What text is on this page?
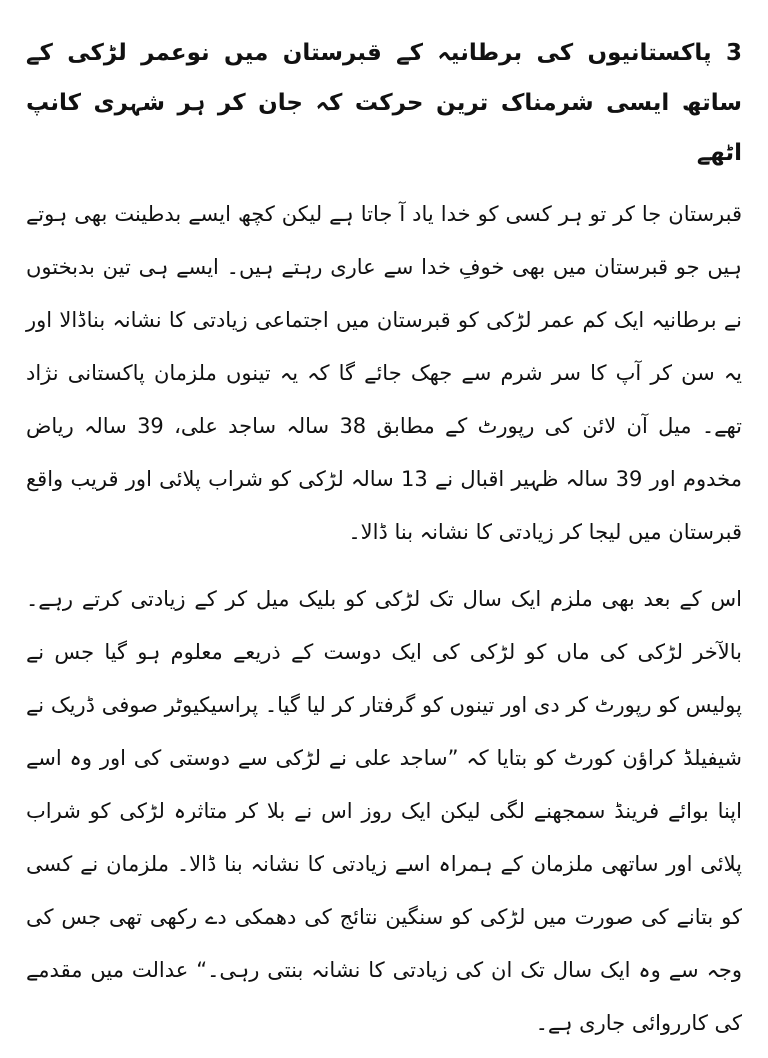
3 پاکستانیوں کی برطانیہ کے قبرستان میں نوعمر لڑکی کے ساتھ ایسی شرمناک ترین حرکت کہ جان کر ہر شہری کانپ اٹھے

قبرستان جا کر تو ہر کسی کو خدا یاد آ جاتا ہے لیکن کچھ ایسے بدطینت بھی ہوتے ہیں جو قبرستان میں بھی خوفِ خدا سے عاری رہتے ہیں۔ ایسے ہی تین بدبختوں نے برطانیہ ایک کم عمر لڑکی کو قبرستان میں اجتماعی زیادتی کا نشانہ بناڈالا اور یہ سن کر آپ کا سر شرم سے جھک جائے گا کہ یہ تینوں ملزمان پاکستانی نژاد تھے۔ میل آن لائن کی رپورٹ کے مطابق 38 سالہ ساجد علی، 39 سالہ ریاض مخدوم اور 39 سالہ ظہیر اقبال نے 13 سالہ لڑکی کو شراب پلائی اور قریب واقع قبرستان میں لیجا کر زیادتی کا نشانہ بنا ڈالا۔

اس کے بعد بھی ملزم ایک سال تک لڑکی کو بلیک میل کر کے زیادتی کرتے رہے۔ بالآخر لڑکی کی ماں کو لڑکی کی ایک دوست کے ذریعے معلوم ہو گیا جس نے پولیس کو رپورٹ کر دی اور تینوں کو گرفتار کر لیا گیا۔ پراسیکیوٹر صوفی ڈریک نے شیفیلڈ کراؤن کورٹ کو بتایا کہ ”ساجد علی نے لڑکی سے دوستی کی اور وہ اسے اپنا بوائے فرینڈ سمجھنے لگی لیکن ایک روز اس نے بلا کر متاثرہ لڑکی کو شراب پلائی اور ساتھی ملزمان کے ہمراہ اسے زیادتی کا نشانہ بنا ڈالا۔ ملزمان نے کسی کو بتانے کی صورت میں لڑکی کو سنگین نتائج کی دھمکی دے رکھی تھی جس کی وجہ سے وہ ایک سال تک ان کی زیادتی کا نشانہ بنتی رہی۔“ عدالت میں مقدمے کی کارروائی جاری ہے۔
